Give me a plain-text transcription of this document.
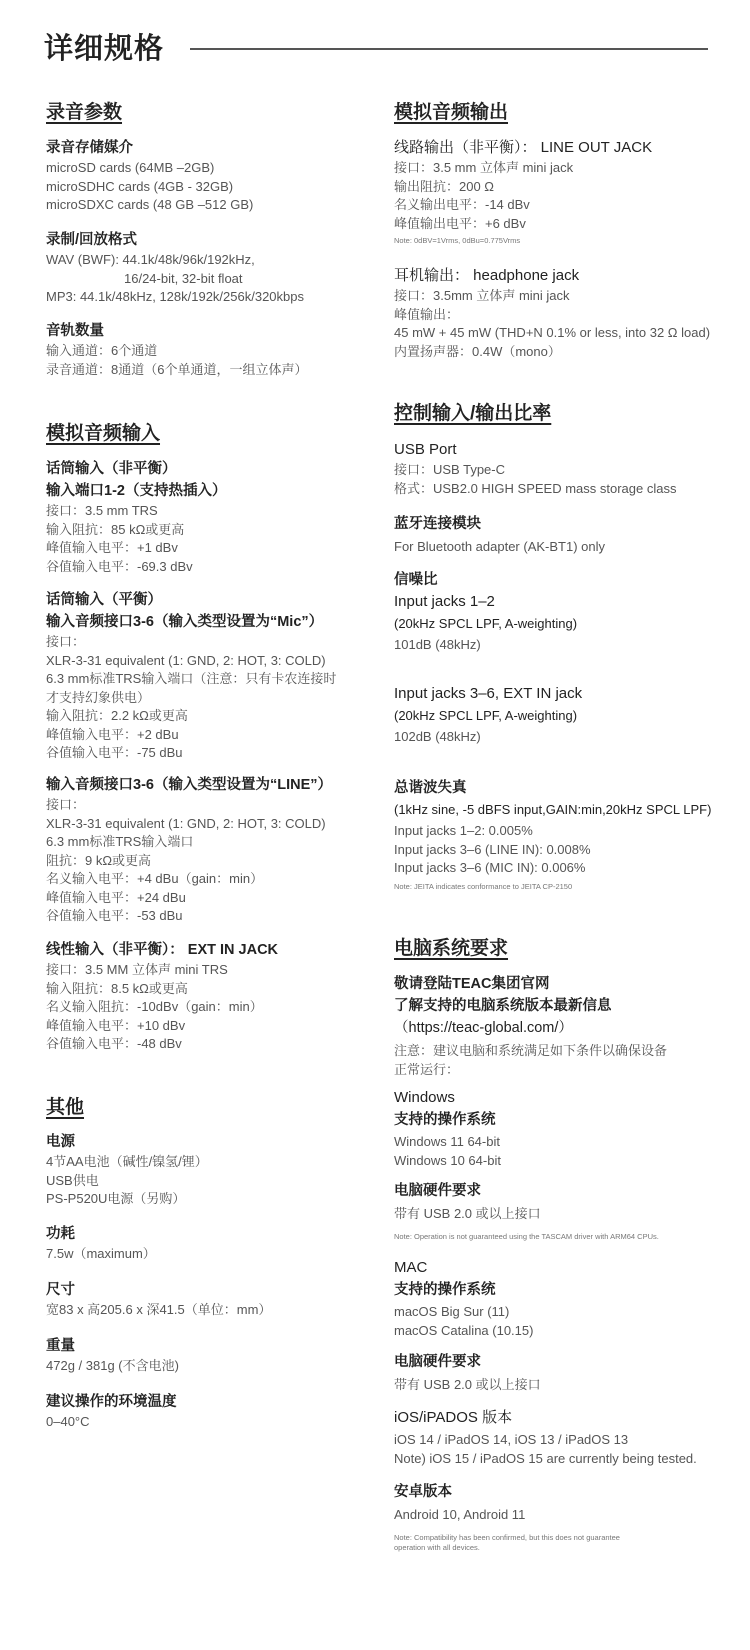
详细规格
录音参数
录音存储媒介
microSD cards (64MB –2GB)
microSDHC cards (4GB - 32GB)
microSDXC cards (48 GB –512 GB)
录制/回放格式
WAV (BWF): 44.1k/48k/96k/192kHz,
16/24-bit, 32-bit float
MP3: 44.1k/48kHz, 128k/192k/256k/320kbps
音轨数量
输入通道：6个通道
录音通道：8通道（6个单通道，一组立体声）
模拟音频输入
话筒输入（非平衡）
输入端口1-2（支持热插入）
接口：3.5 mm TRS
输入阻抗：85 kΩ或更高
峰值输入电平：+1 dBv
谷值输入电平：-69.3 dBv
话筒输入（平衡）
输入音频接口3-6（输入类型设置为“Mic”）
接口：
XLR-3-31 equivalent (1: GND, 2: HOT, 3: COLD)
6.3 mm标准TRS输入端口（注意：只有卡农连接时
才支持幻象供电）
输入阻抗：2.2 kΩ或更高
峰值输入电平：+2 dBu
谷值输入电平：-75 dBu
输入音频接口3-6（输入类型设置为“LINE”）
接口：
XLR-3-31 equivalent (1: GND, 2: HOT, 3: COLD)
6.3 mm标准TRS输入端口
阻抗：9 kΩ或更高
名义输入电平：+4 dBu（gain：min）
峰值输入电平：+24 dBu
谷值输入电平：-53 dBu
线性输入（非平衡）： EXT IN JACK
接口：3.5 MM 立体声 mini TRS
输入阻抗：8.5 kΩ或更高
名义输入阻抗：-10dBv（gain：min）
峰值输入电平：+10 dBv
谷值输入电平：-48 dBv
其他
电源
4节AA电池（碱性/镍氢/锂）
USB供电
PS-P520U电源（另购）
功耗
7.5w（maximum）
尺寸
宽83 x 高205.6 x 深41.5（单位：mm）
重量
472g / 381g (不含电池)
建议操作的环境温度
0–40°C
模拟音频输出
线路输出（非平衡）： LINE OUT JACK
接口：3.5 mm 立体声 mini jack
输出阻抗：200 Ω
名义输出电平：-14 dBv
峰值输出电平：+6 dBv
Note: 0dBV=1Vrms, 0dBu=0.775Vrms
耳机输出： headphone jack
接口：3.5mm 立体声 mini jack
峰值输出：
45 mW + 45 mW (THD+N 0.1% or less, into 32 Ω load)
内置扬声器：0.4W（mono）
控制输入/输出比率
USB Port
接口：USB Type-C
格式：USB2.0 HIGH SPEED mass storage class
蓝牙连接模块
For Bluetooth adapter (AK-BT1) only
信噪比
Input jacks 1–2
(20kHz SPCL LPF, A-weighting)
101dB (48kHz)
Input jacks 3–6, EXT IN jack
(20kHz SPCL LPF, A-weighting)
102dB (48kHz)
总谐波失真
(1kHz sine, -5 dBFS input,GAIN:min,20kHz SPCL LPF)
Input jacks 1–2: 0.005%
Input jacks 3–6 (LINE IN): 0.008%
Input jacks 3–6 (MIC IN): 0.006%
Note: JEITA indicates conformance to JEITA CP-2150
电脑系统要求
敬请登陆TEAC集团官网
了解支持的电脑系统版本最新信息
（https://teac-global.com/）
注意：建议电脑和系统满足如下条件以确保设备
正常运行：
Windows
支持的操作系统
Windows 11 64-bit
Windows 10 64-bit
电脑硬件要求
带有 USB 2.0 或以上接口
Note: Operation is not guaranteed using the TASCAM driver with ARM64 CPUs.
MAC
支持的操作系统
macOS Big Sur (11)
macOS Catalina (10.15)
电脑硬件要求
带有 USB 2.0 或以上接口
iOS/iPADOS 版本
iOS 14 / iPadOS 14, iOS 13 / iPadOS 13
Note) iOS 15 / iPadOS 15 are currently being tested.
安卓版本
Android 10, Android 11
Note: Compatibility has been confirmed, but this does not guarantee
operation with all devices.
